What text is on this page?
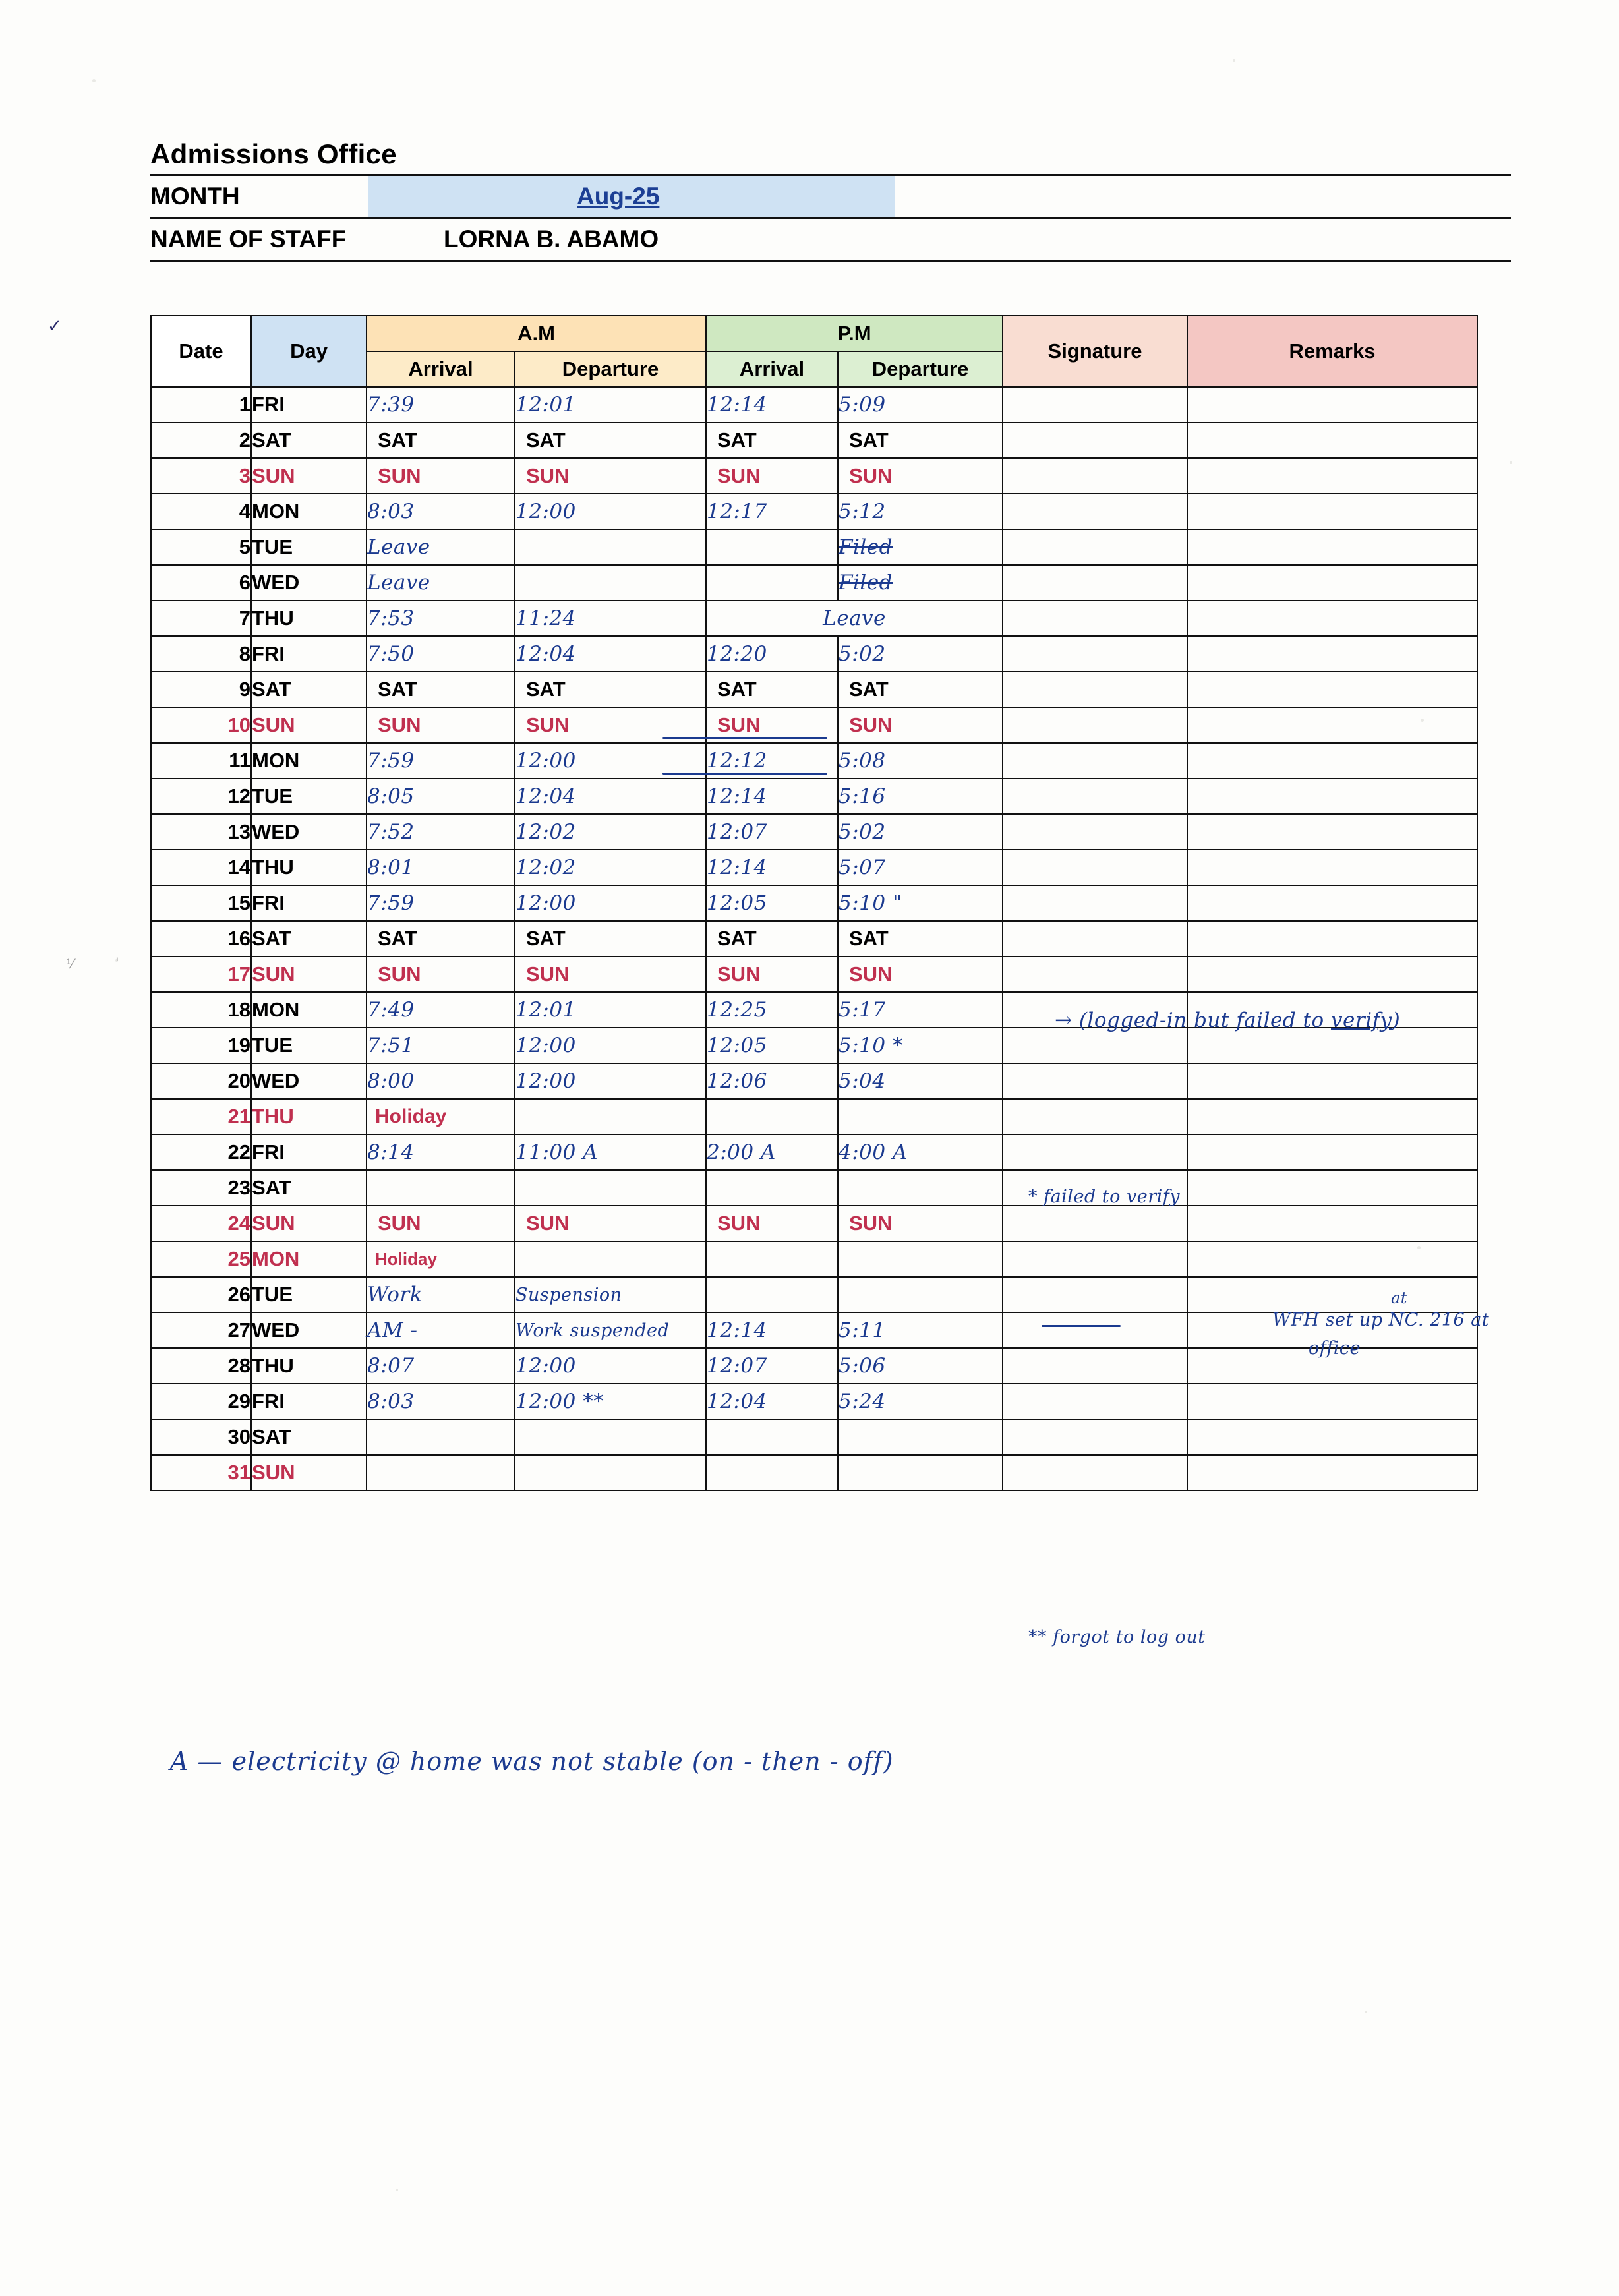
⅟	'
✓
Admissions Office
MONTH	Aug-25
NAME OF STAFF	LORNA B. ABAMO
Date	Day	A.M		P.M		Signature	Remarks
		Arrival	Departure	Arrival	Departure		
1	FRI	7:39	12:01	12:14	5:09		
2	SAT	SAT	SAT	SAT	SAT		
3	SUN	SUN	SUN	SUN	SUN		
4	MON	8:03	12:00	12:17	5:12		
5	TUE	Leave			Filed		
6	WED	Leave			Filed		
7	THU	7:53	11:24	Leave			
8	FRI	7:50	12:04	12:20	5:02		
9	SAT	SAT	SAT	SAT	SAT		
10	SUN	SUN	SUN	SUN	SUN		
11	MON	7:59	12:00	12:12	5:08		
12	TUE	8:05	12:04	12:14	5:16		
13	WED	7:52	12:02	12:07	5:02		
14	THU	8:01	12:02	12:14	5:07		
15	FRI	7:59	12:00	12:05	5:10 "		
16	SAT	SAT	SAT	SAT	SAT		
17	SUN	SUN	SUN	SUN	SUN		
18	MON	7:49	12:01	12:25	5:17		
19	TUE	7:51	12:00	12:05	5:10 *		
20	WED	8:00	12:00	12:06	5:04		
21	THU	Holiday					
22	FRI	8:14	11:00 A	2:00 A	4:00 A		
23	SAT						
24	SUN	SUN	SUN	SUN	SUN		
25	MON	Holiday					
26	TUE	Work	Suspension				
27	WED	AM -	Work suspended	12:14	5:11		
28	THU	8:07	12:00	12:07	5:06		
29	FRI	8:03	12:00 **	12:04	5:24		
30	SAT						
31	SUN						
→ (logged-in but failed to verify)
* failed to verify
WFH set up NC. 216 at
at
office
** forgot to log out
A — electricity @ home was not stable (on - then - off)
